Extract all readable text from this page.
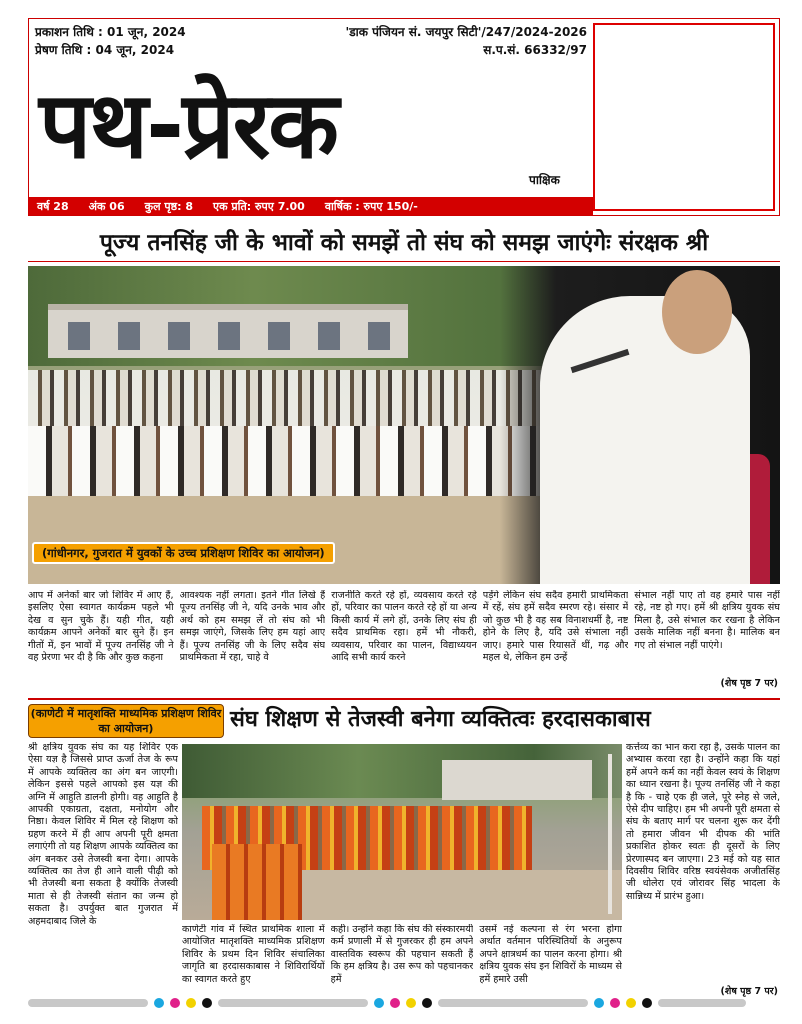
प्रकाशन तिथि : 01 जून, 2024
प्रेषण तिथि : 04 जून, 2024
'डाक पंजियन सं. जयपुर सिटी'/247/2024-2026
स.प.सं. 66332/97
पथ-प्रेरक
पाक्षिक
वर्ष 28 अंक 06 कुल पृष्ठ: 8 एक प्रति: रुपए 7.00 वार्षिक : रुपए 150/-
पूज्य तनसिंह जी के भावों को समझें तो संघ को समझ जाएंगेः संरक्षक श्री
(गांधीनगर, गुजरात में युवकों के उच्च प्रशिक्षण शिविर का आयोजन)
आप में अनेकों बार जो शिविर में आए हैं, इसलिए ऐसा स्वागत कार्यक्रम पहले भी देख व सुन चुके हैं। यही गीत, यही कार्यक्रम आपने अनेकों बार सुने हैं। इन गीतों में, इन भावों में पूज्य तनसिंह जी ने वह प्रेरणा भर दी है कि और कुछ कहना
आवश्यक नहीं लगता। इतने गीत लिखे हैं पूज्य तनसिंह जी ने, यदि उनके भाव और अर्थ को हम समझ लें तो संघ को भी समझ जाएंगे, जिसके लिए हम यहां आए हैं। पूज्य तनसिंह जी के लिए सदैव संघ प्राथमिकता में रहा, चाहे वे
राजनीति करते रहे हों, व्यवसाय करते रहे हों, परिवार का पालन करते रहे हों या अन्य किसी कार्य में लगे हों, उनके लिए संघ ही सदैव प्राथमिक रहा। हमें भी नौकरी, व्यवसाय, परिवार का पालन, विद्याध्ययन आदि सभी कार्य करने
पड़ेंगे लेकिन संघ सदैव हमारी प्राथमिकता में रहें, संघ हमें सदैव स्मरण रहे। संसार में जो कुछ भी है वह सब विनाशधर्मी है, नष्ट होने के लिए है, यदि उसे संभाला नहीं जाए। हमारे पास रियासतें थीं, गढ़ और महल थे, लेकिन हम उन्हें
संभाल नहीं पाए तो वह हमारे पास नहीं रहे, नष्ट हो गए। हमें श्री क्षत्रिय युवक संघ मिला है, उसे संभाल कर रखना है लेकिन उसके मालिक नहीं बनना है। मालिक बन गए तो संभाल नहीं पाएंगे।
(शेष पृष्ठ 7 पर)
(काणेटी में मातृशक्ति माध्यमिक प्रशिक्षण शिविर का आयोजन)	संघ शिक्षण से तेजस्वी बनेगा व्यक्तित्वः हरदासकाबास
श्री क्षत्रिय युवक संघ का यह शिविर एक ऐसा यज्ञ है जिससे प्राप्त ऊर्जा तेज के रूप में आपके व्यक्तित्व का अंग बन जाएगी। लेकिन इससे पहले आपको इस यज्ञ की अग्नि में आहुति डालनी होगी। वह आहुति है आपकी एकाग्रता, दक्षता, मनोयोग और निष्ठा। केवल शिविर में मिल रहे शिक्षण को ग्रहण करने में ही आप अपनी पूरी क्षमता लगाएंगी तो यह शिक्षण आपके व्यक्तित्व का अंग बनकर उसे तेजस्वी बना देगा। आपके व्यक्तित्व का तेज ही आने वाली पीढ़ी को भी तेजस्वी बना सकता है क्योंकि तेजस्वी माता से ही तेजस्वी संतान का जन्म हो सकता है। उपर्युक्त बात गुजरात में अहमदाबाद जिले के
काणेटी गांव में स्थित प्राथमिक शाला में आयोजित मातृशक्ति माध्यमिक प्रशिक्षण शिविर के प्रथम दिन शिविर संचालिका जागृति बा हरदासकाबास ने शिविरार्थियों का स्वागत करते हुए
कही। उन्होंने कहा कि संघ की संस्कारमयी कर्म प्रणाली में से गुजरकर ही हम अपने वास्तविक स्वरूप की पहचान सकती हैं कि हम क्षत्रिय है। उस रूप को पहचानकर हमें
उसमें नई कल्पना से रंग भरना होगा अर्थात वर्तमान परिस्थितियों के अनुरूप अपने क्षात्रधर्म का पालन करना होगा। श्री क्षत्रिय युवक संघ इन शिविरों के माध्यम से हमें हमारे उसी
कर्त्तव्य का भान करा रहा है, उसके पालन का अभ्यास करवा रहा है। उन्होंने कहा कि यहां हमें अपने कर्म का नहीं केवल स्वयं के शिक्षण का ध्यान रखना है। पूज्य तनसिंह जी ने कहा है कि - चाहे एक ही जले, पूरे स्नेह से जले, ऐसे दीप चाहिए। हम भी अपनी पूरी क्षमता से संघ के बताए मार्ग पर चलना शुरू कर देंगी तो हमारा जीवन भी दीपक की भांति प्रकाशित होकर स्वतः ही दूसरों के लिए प्रेरणास्पद बन जाएगा। 23 मई को यह सात दिवसीय शिविर वरिष्ठ स्वयंसेवक अजीतसिंह जी धोलेरा एवं जोरावर सिंह भादला के सान्निध्य में प्रारंभ हुआ।
(शेष पृष्ठ 7 पर)
